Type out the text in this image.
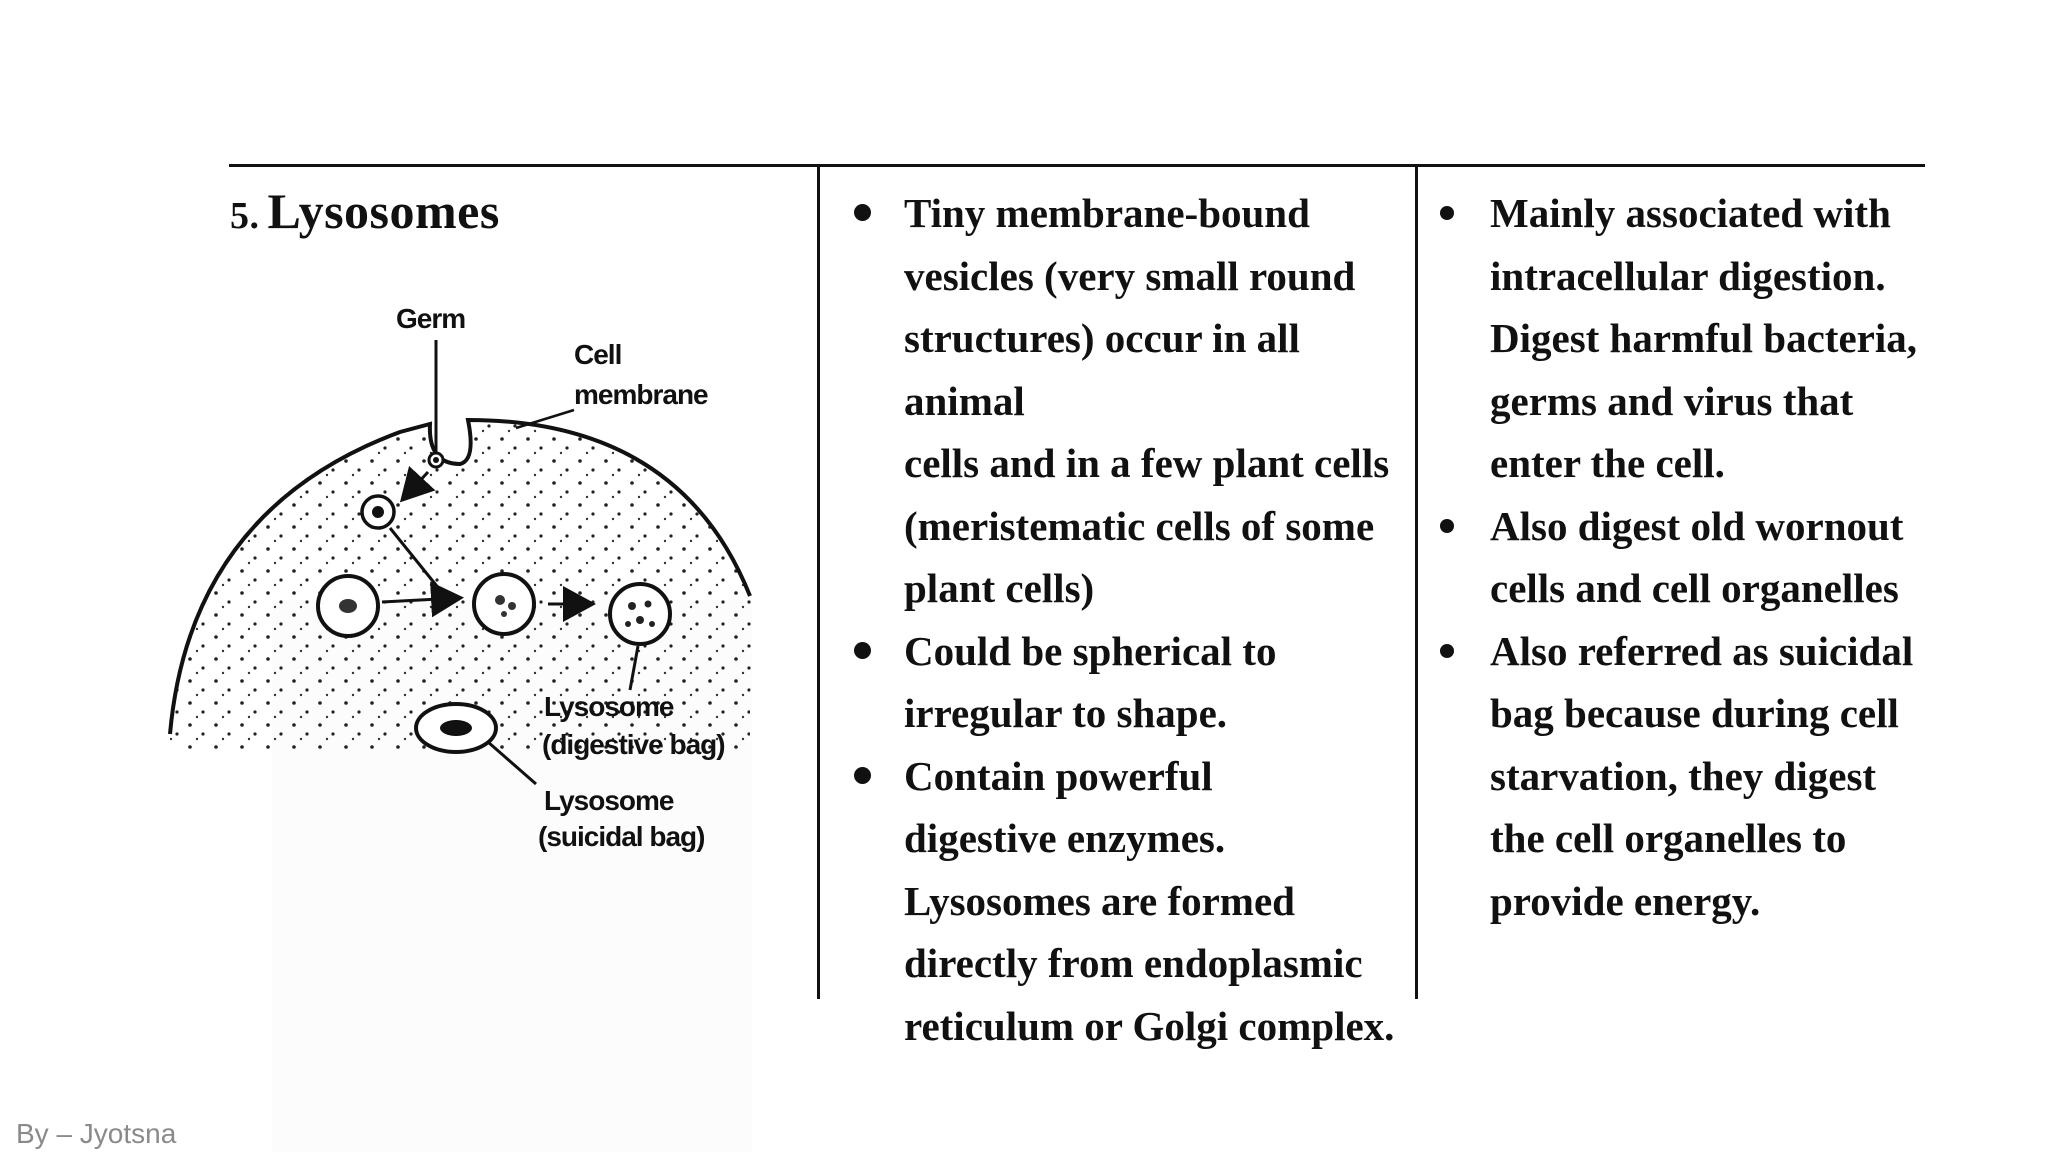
5. Lysosomes
Germ
Cell
membrane
Lysosome
(digestive bag)
Lysosome
(suicidal bag)
Tiny membrane-bound
vesicles (very small round
structures) occur in all animal
cells and in a few plant cells
(meristematic cells of some
plant cells)
Could be spherical to
irregular to shape.
Contain powerful
digestive enzymes.
Lysosomes are formed
directly from endoplasmic
reticulum or Golgi complex.
Mainly associated with
intracellular digestion.
Digest harmful bacteria,
germs and virus that
enter the cell.
Also digest old wornout
cells and cell organelles
Also referred as suicidal
bag because during cell
starvation, they digest
the cell organelles to
provide energy.
By – Jyotsna
